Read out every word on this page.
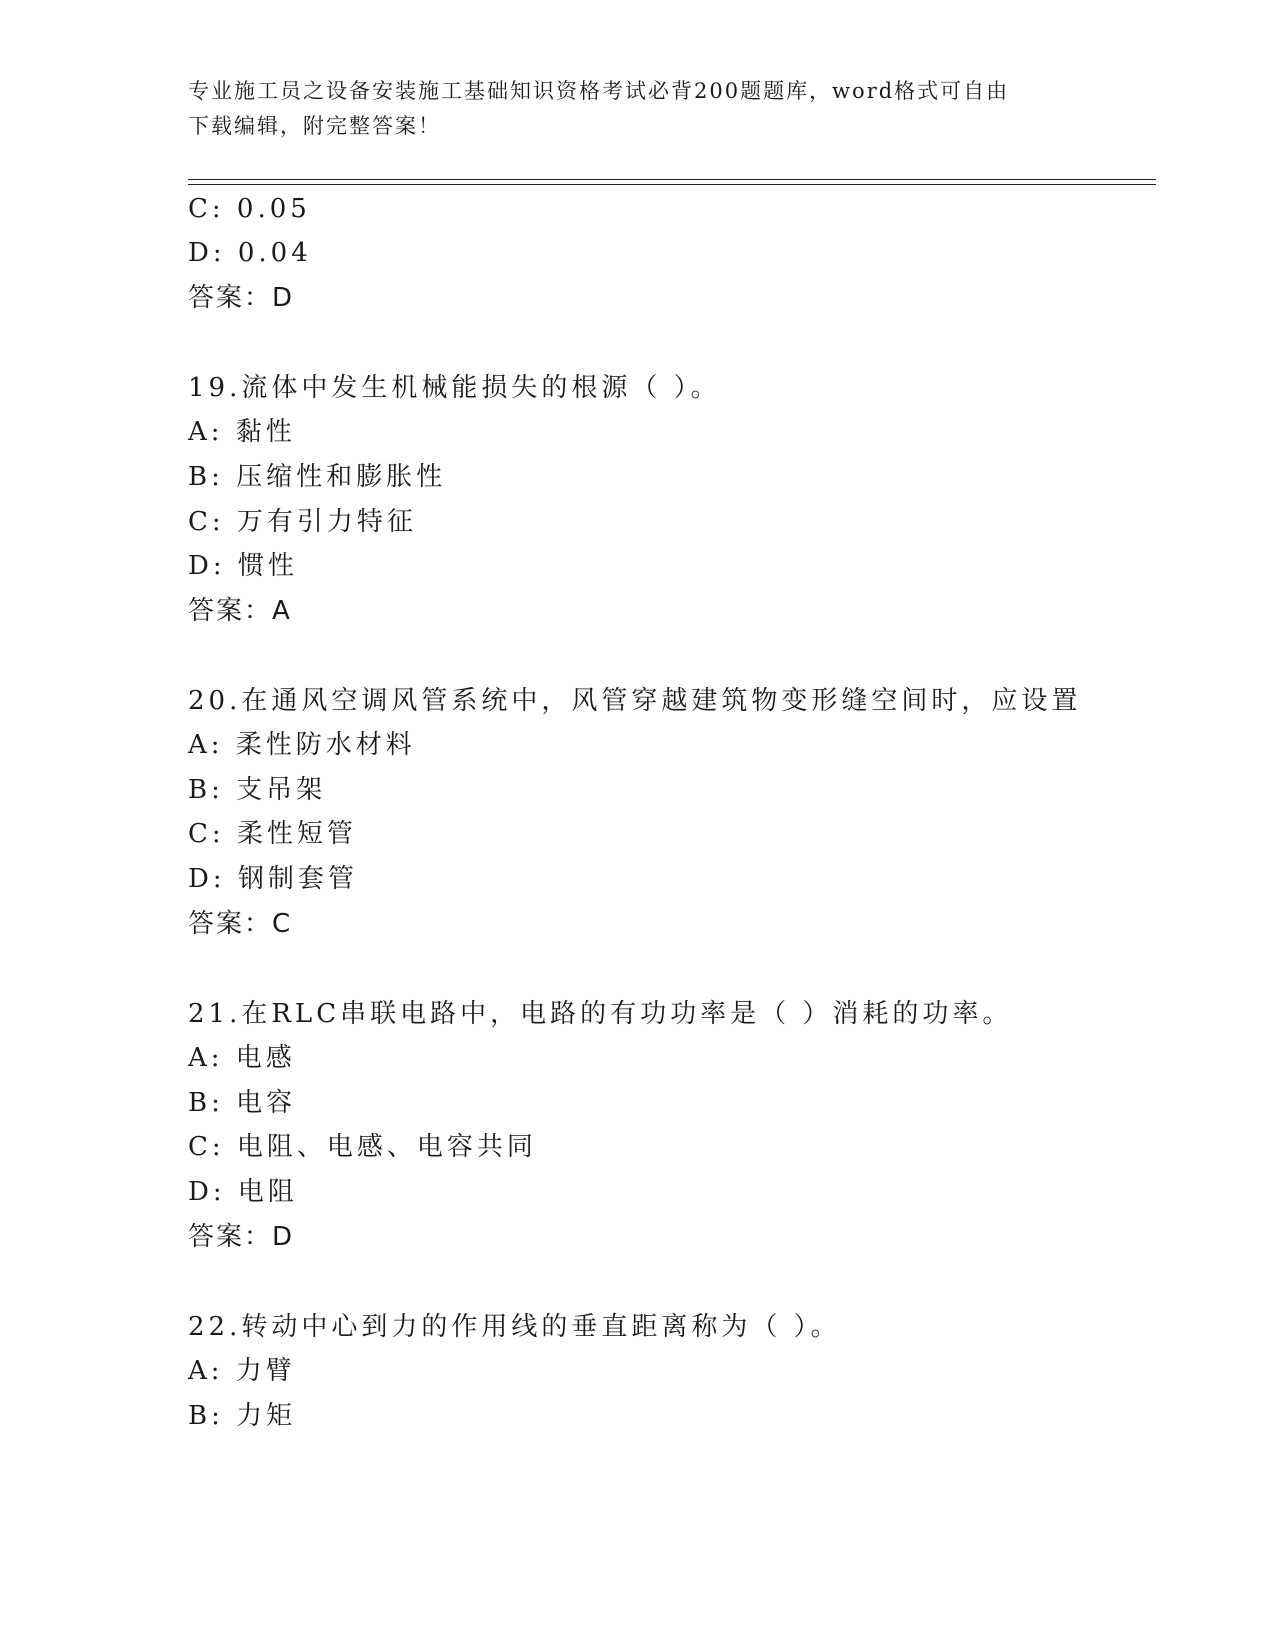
专业施工员之设备安装施工基础知识资格考试必背200题题库，word格式可自由
下载编辑，附完整答案！
C: 0.05
D: 0.04
答案：D
19.流体中发生机械能损失的根源（ ）。
A: 黏性
B: 压缩性和膨胀性
C: 万有引力特征
D: 惯性
答案：A
20.在通风空调风管系统中，风管穿越建筑物变形缝空间时，应设置
A: 柔性防水材料
B: 支吊架
C: 柔性短管
D: 钢制套管
答案：C
21.在RLC串联电路中，电路的有功功率是（ ）消耗的功率。
A: 电感
B: 电容
C: 电阻、电感、电容共同
D: 电阻
答案：D
22.转动中心到力的作用线的垂直距离称为（ ）。
A: 力臂
B: 力矩
